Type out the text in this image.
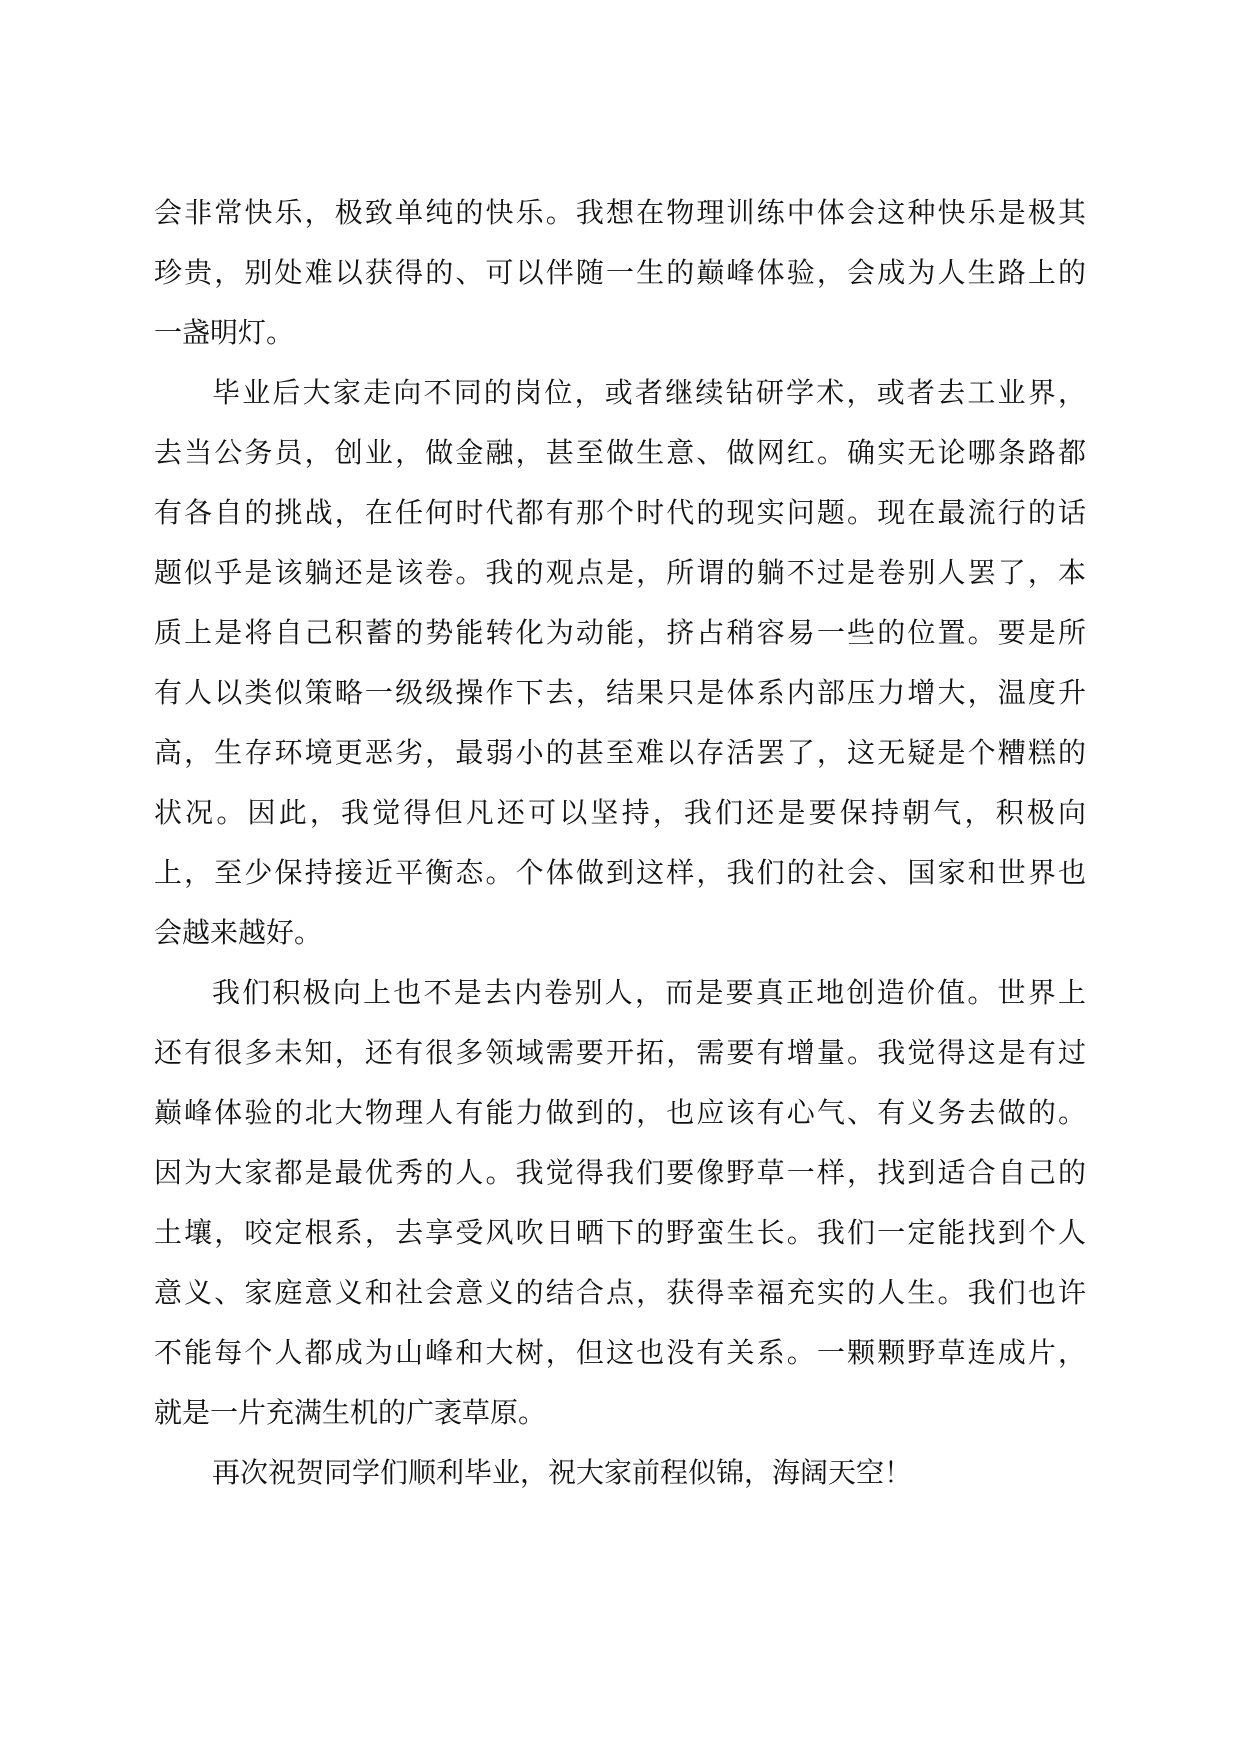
会非常快乐，极致单纯的快乐。我想在物理训练中体会这种快乐是极其
珍贵，别处难以获得的、可以伴随一生的巅峰体验，会成为人生路上的
一盏明灯。
毕业后大家走向不同的岗位，或者继续钻研学术，或者去工业界，
去当公务员，创业，做金融，甚至做生意、做网红。确实无论哪条路都
有各自的挑战，在任何时代都有那个时代的现实问题。现在最流行的话
题似乎是该躺还是该卷。我的观点是，所谓的躺不过是卷别人罢了，本
质上是将自己积蓄的势能转化为动能，挤占稍容易一些的位置。要是所
有人以类似策略一级级操作下去，结果只是体系内部压力增大，温度升
高，生存环境更恶劣，最弱小的甚至难以存活罢了，这无疑是个糟糕的
状况。因此，我觉得但凡还可以坚持，我们还是要保持朝气，积极向
上，至少保持接近平衡态。个体做到这样，我们的社会、国家和世界也
会越来越好。
我们积极向上也不是去内卷别人，而是要真正地创造价值。世界上
还有很多未知，还有很多领域需要开拓，需要有增量。我觉得这是有过
巅峰体验的北大物理人有能力做到的，也应该有心气、有义务去做的。
因为大家都是最优秀的人。我觉得我们要像野草一样，找到适合自己的
土壤，咬定根系，去享受风吹日晒下的野蛮生长。我们一定能找到个人
意义、家庭意义和社会意义的结合点，获得幸福充实的人生。我们也许
不能每个人都成为山峰和大树，但这也没有关系。一颗颗野草连成片，
就是一片充满生机的广袤草原。
再次祝贺同学们顺利毕业，祝大家前程似锦，海阔天空！
